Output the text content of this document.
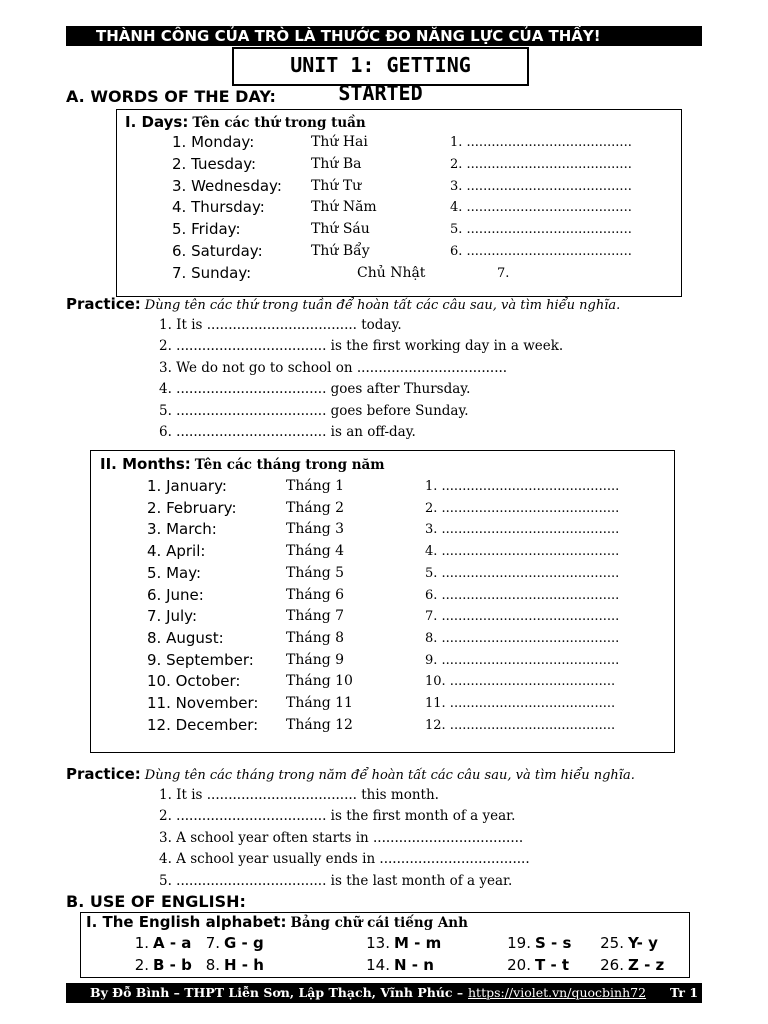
THÀNH CÔNG CỦA TRÒ LÀ THƯỚC ĐO NĂNG LỰC CỦA THẦY!
UNIT 1: GETTING STARTED
A. WORDS OF THE DAY:
I. Days: Tên các thứ trong tuần
1. Monday:	Thứ Hai	1. ........................................
2. Tuesday:	Thứ Ba	2. ........................................
3. Wednesday: Thứ Tư	3. ........................................
4. Thursday:	Thứ Năm	4. ........................................
5. Friday:	Thứ Sáu	5. ........................................
6. Saturday:	Thứ Bẩy	6. ........................................
7. Sunday:	Chủ Nhật	7.
Practice: Dùng tên các thứ trong tuần để hoàn tất các câu sau, và tìm hiểu nghĩa.
1. It is ................................... today.
2. ................................... is the first working day in a week.
3. We do not go to school on ...................................
4. ................................... goes after Thursday.
5. ................................... goes before Sunday.
6. ................................... is an off-day.
II. Months: Tên các tháng trong năm
1. January:	Tháng 1	1. ...........................................
2. February:	Tháng 2	2. ...........................................
3. March:	Tháng 3	3. ...........................................
4. April:	Tháng 4	4. ...........................................
5. May:	Tháng 5	5. ...........................................
6. June:	Tháng 6	6. ...........................................
7. July:	Tháng 7	7. ...........................................
8. August:	Tháng 8	8. ...........................................
9. September: Tháng 9	9. ...........................................
10. October:	Tháng 10	10. ........................................
11. November: Tháng 11	11. ........................................
12. December: Tháng 12	12. ........................................
Practice: Dùng tên các tháng trong năm để hoàn tất các câu sau, và tìm hiểu nghĩa.
1. It is ................................... this month.
2. ................................... is the first month of a year.
3. A school year often starts in ...................................
4. A school year usually ends in ...................................
5. ................................... is the last month of a year.
B. USE OF ENGLISH:
I. The English alphabet: Bảng chữ cái tiếng Anh
1. A - a 7. G - g	13. M - m	19. S - s	25. Y- y
2. B - b 8. H - h	14. N - n	20. T - t	26. Z - z
By Đỗ Bình – THPT Liễn Sơn, Lập Thạch, Vĩnh Phúc – https://violet.vn/quocbinh72 Tr 1
